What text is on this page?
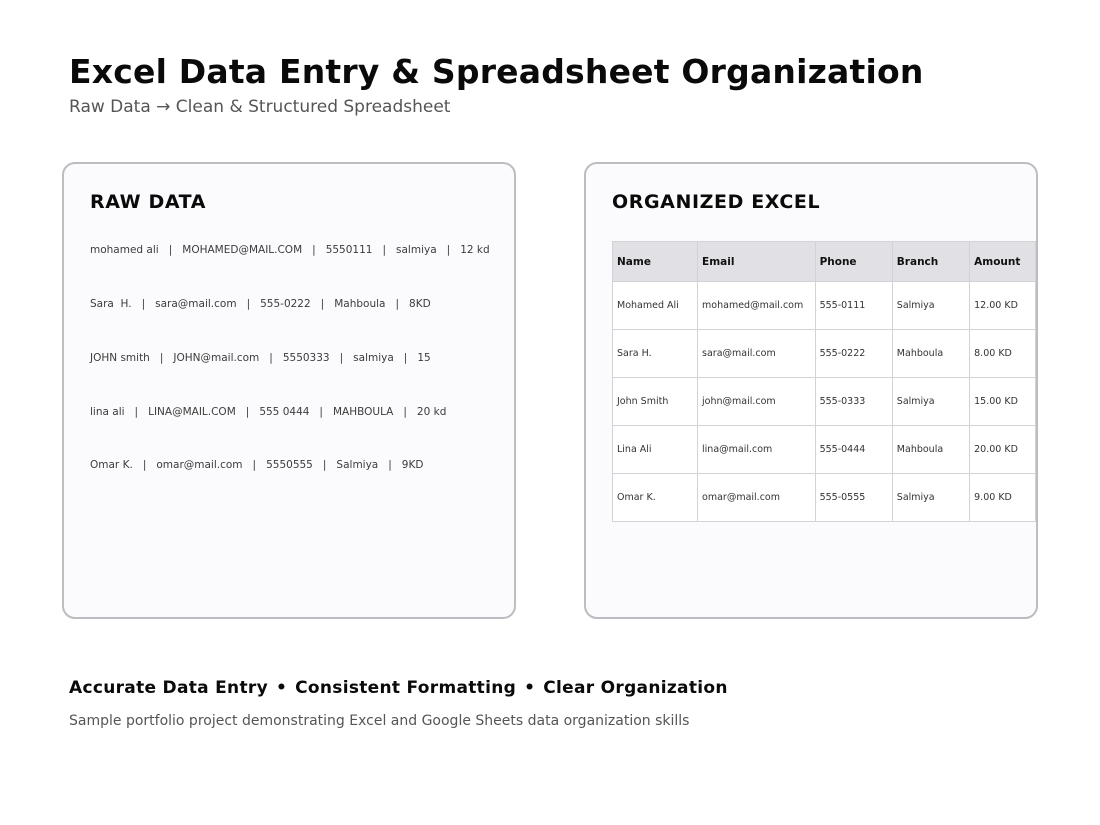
Excel Data Entry & Spreadsheet Organization
Raw Data → Clean & Structured Spreadsheet
RAW DATA
mohamed ali   |   MOHAMED@MAIL.COM   |   5550111   |   salmiya   |   12 kd
Sara  H.   |   sara@mail.com   |   555-0222   |   Mahboula   |   8KD
JOHN smith   |   JOHN@mail.com   |   5550333   |   salmiya   |   15
lina ali   |   LINA@MAIL.COM   |   555 0444   |   MAHBOULA   |   20 kd
Omar K.   |   omar@mail.com   |   5550555   |   Salmiya   |   9KD
ORGANIZED EXCEL
Name	Email	Phone	Branch	Amount
Mohamed Ali	mohamed@mail.com	555-0111	Salmiya	12.00 KD
Sara H.	sara@mail.com	555-0222	Mahboula	8.00 KD
John Smith	john@mail.com	555-0333	Salmiya	15.00 KD
Lina Ali	lina@mail.com	555-0444	Mahboula	20.00 KD
Omar K.	omar@mail.com	555-0555	Salmiya	9.00 KD
Accurate Data Entry • Consistent Formatting • Clear Organization
Sample portfolio project demonstrating Excel and Google Sheets data organization skills
